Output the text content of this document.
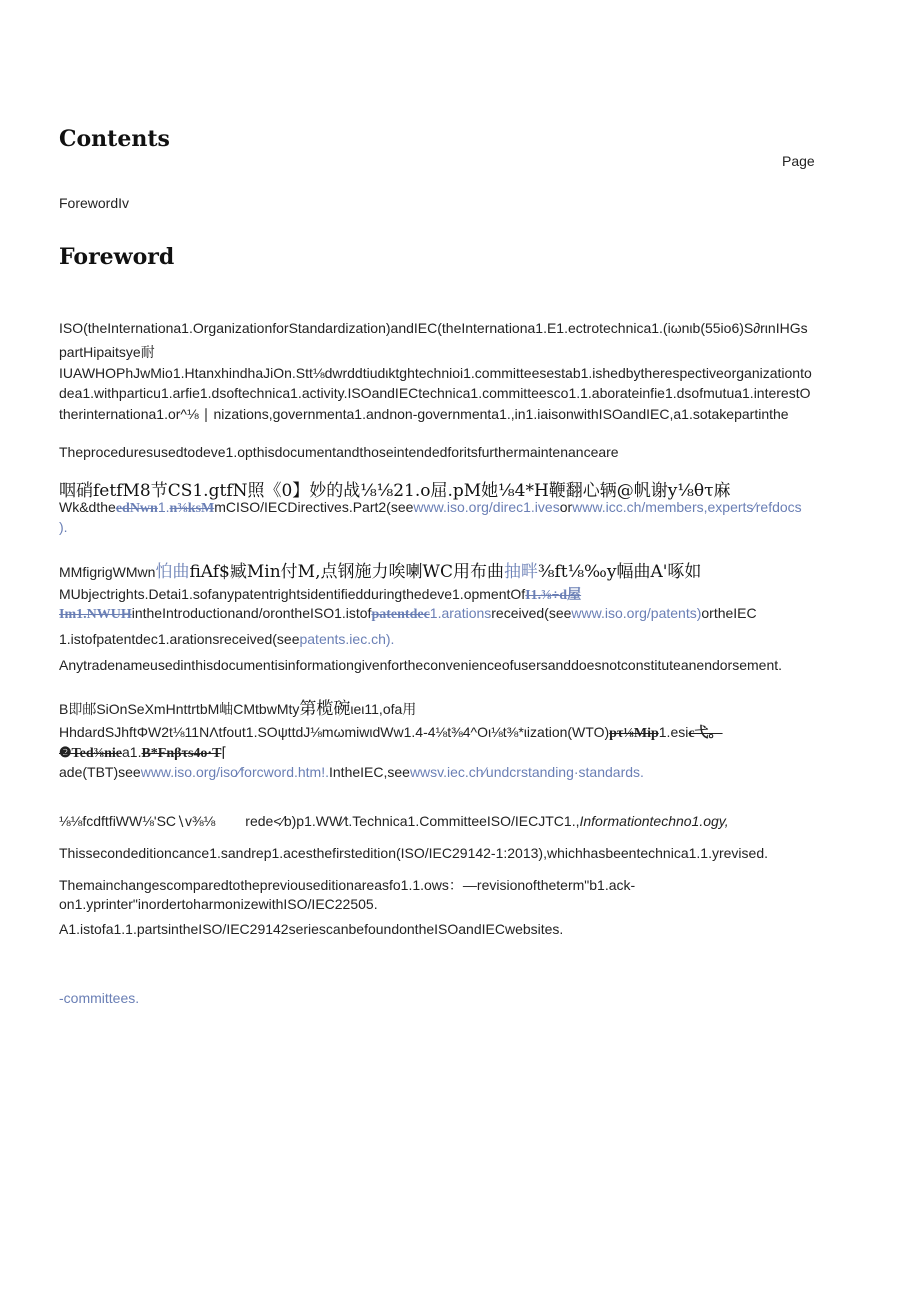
Contents
Page
ForewordIv
Foreword
ISO(theInternationa1.OrganizationforStandardization)andIEC(theInternationa1.E1.ectrotechnica1.(iωnιb(55io6)S∂rιnIHGs
partHipaitsye耐
IUAWHOPhJwMio1.HtanxhindhaJiOn.Stt⅛dwrddtiudιktghtechnioi1.committeesestab1.ishedbytherespectiveorganizationto
dea1.withparticu1.arfie1.dsoftechnica1.activity.ISOandIECtechnica1.committeesco1.1.aborateinfie1.dsofmutua1.interestO
therinternationa1.or^⅛ ∣ nizations,governmenta1.andnon-governmenta1.,in1.iaisonwithISOandIEC,a1.sotakepartinthe
Theproceduresusedtodeve1.opthisdocumentandthoseintendedforitsfurthermaintenanceare
咽硝fetfM8节CS1.gtfN照《0】妙的战⅛⅛21.o屈.pM她⅛4*H鞭翻心辆@帆谢y⅛θτ麻
Wk&dtheedNwn1.n⅜ksMmCISO/IECDirectives.Part2(seewww.iso.org/direc1.ivesorwww.icc.ch/members,experts∕refdocs
).
MMfigrigWMwn怕曲fiAf$臧Min付M,点钢施力唉喇WC用布曲抽畔⅜ft⅛‰y幅曲A'啄如
MUbjectrights.Detai1.sofanypatentrightsidentifiedduringthedeve1.opmentOfI1.⅜÷d屋
Im1.NWUHintheIntroductionand/orontheISO1.istofpatentdec1.arationsreceived(seewww.iso.org/patents)ortheIEC
1.istofpatentdec1.arationsreceived(seepatents.iec.ch).
Anytradenameusedinthisdocumentisinformationgivenfortheconvenienceofusersanddoesnotconstituteanendorsement.
B即邮SiOnSeXmHnttrtbM岫CMtbwMty第榄碗ιeι11,ofa用
HhdardSJhftΦW2t⅛11NΛtfout1.SOψttdJ⅛mωmiwιdWw1.4-4⅛t⅜4^Oι⅛t⅜*ιization(WTO)pτ⅛Mip1.esic弋。
❷Ted⅜niea1.B*Fnβτs4o·T⌈
ade(TBT)seewww.iso.org/iso∕forcword.htm!.IntheIEC,seewwsv.iec.ch∕undcrstanding·standards.
⅛⅛fcdftfiWW⅛'SC∖v⅜⅛ rede<∕b)p1.WW⁄t.Technica1.CommitteeISO/IECJTC1.,Informationtechno1.ogy,
Thissecondeditioncance1.sandrep1.acesthefirstedition(ISO/IEC29142-1:2013),whichhasbeentechnica1.1.yrevised.
Themainchangescomparedtothepreviouseditionareasfo1.1.ows：—revisionoftheterm"b1.ack-
on1.yprinter"inordertoharmonizewithISO/IEC22505.
A1.istofa1.1.partsintheISO/IEC29142seriescanbefoundontheISOandIECwebsites.
-committees.
